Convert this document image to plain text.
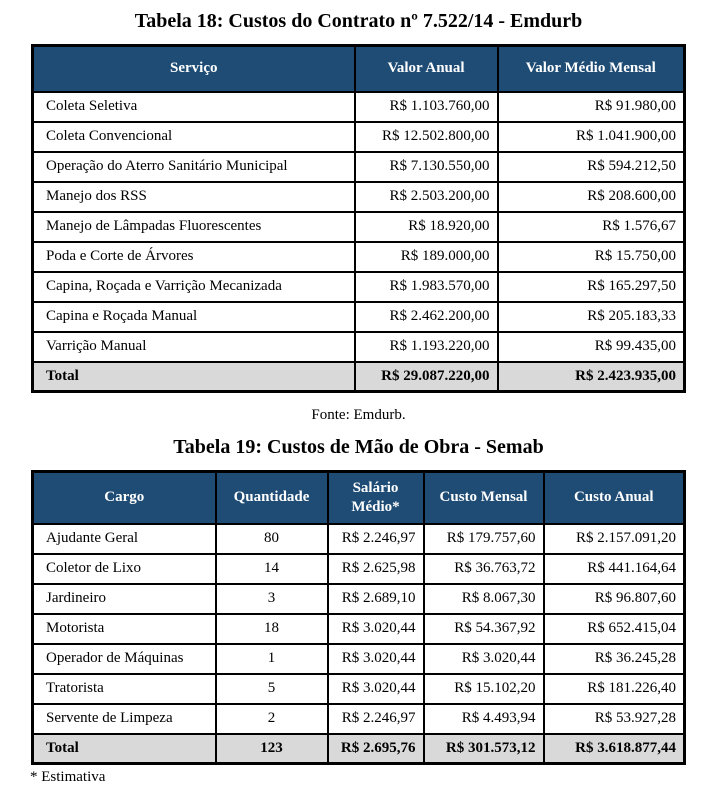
Tabela 18: Custos do Contrato nº 7.522/14 - Emdurb
Serviço	Valor Anual	Valor Médio Mensal
Coleta Seletiva	R$ 1.103.760,00	R$ 91.980,00
Coleta Convencional	R$ 12.502.800,00	R$ 1.041.900,00
Operação do Aterro Sanitário Municipal	R$ 7.130.550,00	R$ 594.212,50
Manejo dos RSS	R$ 2.503.200,00	R$ 208.600,00
Manejo de Lâmpadas Fluorescentes	R$ 18.920,00	R$ 1.576,67
Poda e Corte de Árvores	R$ 189.000,00	R$ 15.750,00
Capina, Roçada e Varrição Mecanizada	R$ 1.983.570,00	R$ 165.297,50
Capina e Roçada Manual	R$ 2.462.200,00	R$ 205.183,33
Varrição Manual	R$ 1.193.220,00	R$ 99.435,00
Total	R$ 29.087.220,00	R$ 2.423.935,00
Fonte: Emdurb.
Tabela 19: Custos de Mão de Obra - Semab
Cargo	Quantidade	Salário Médio*	Custo Mensal	Custo Anual
Ajudante Geral	80	R$ 2.246,97	R$ 179.757,60	R$ 2.157.091,20
Coletor de Lixo	14	R$ 2.625,98	R$ 36.763,72	R$ 441.164,64
Jardineiro	3	R$ 2.689,10	R$ 8.067,30	R$ 96.807,60
Motorista	18	R$ 3.020,44	R$ 54.367,92	R$ 652.415,04
Operador de Máquinas	1	R$ 3.020,44	R$ 3.020,44	R$ 36.245,28
Tratorista	5	R$ 3.020,44	R$ 15.102,20	R$ 181.226,40
Servente de Limpeza	2	R$ 2.246,97	R$ 4.493,94	R$ 53.927,28
Total	123	R$ 2.695,76	R$ 301.573,12	R$ 3.618.877,44
* Estimativa
